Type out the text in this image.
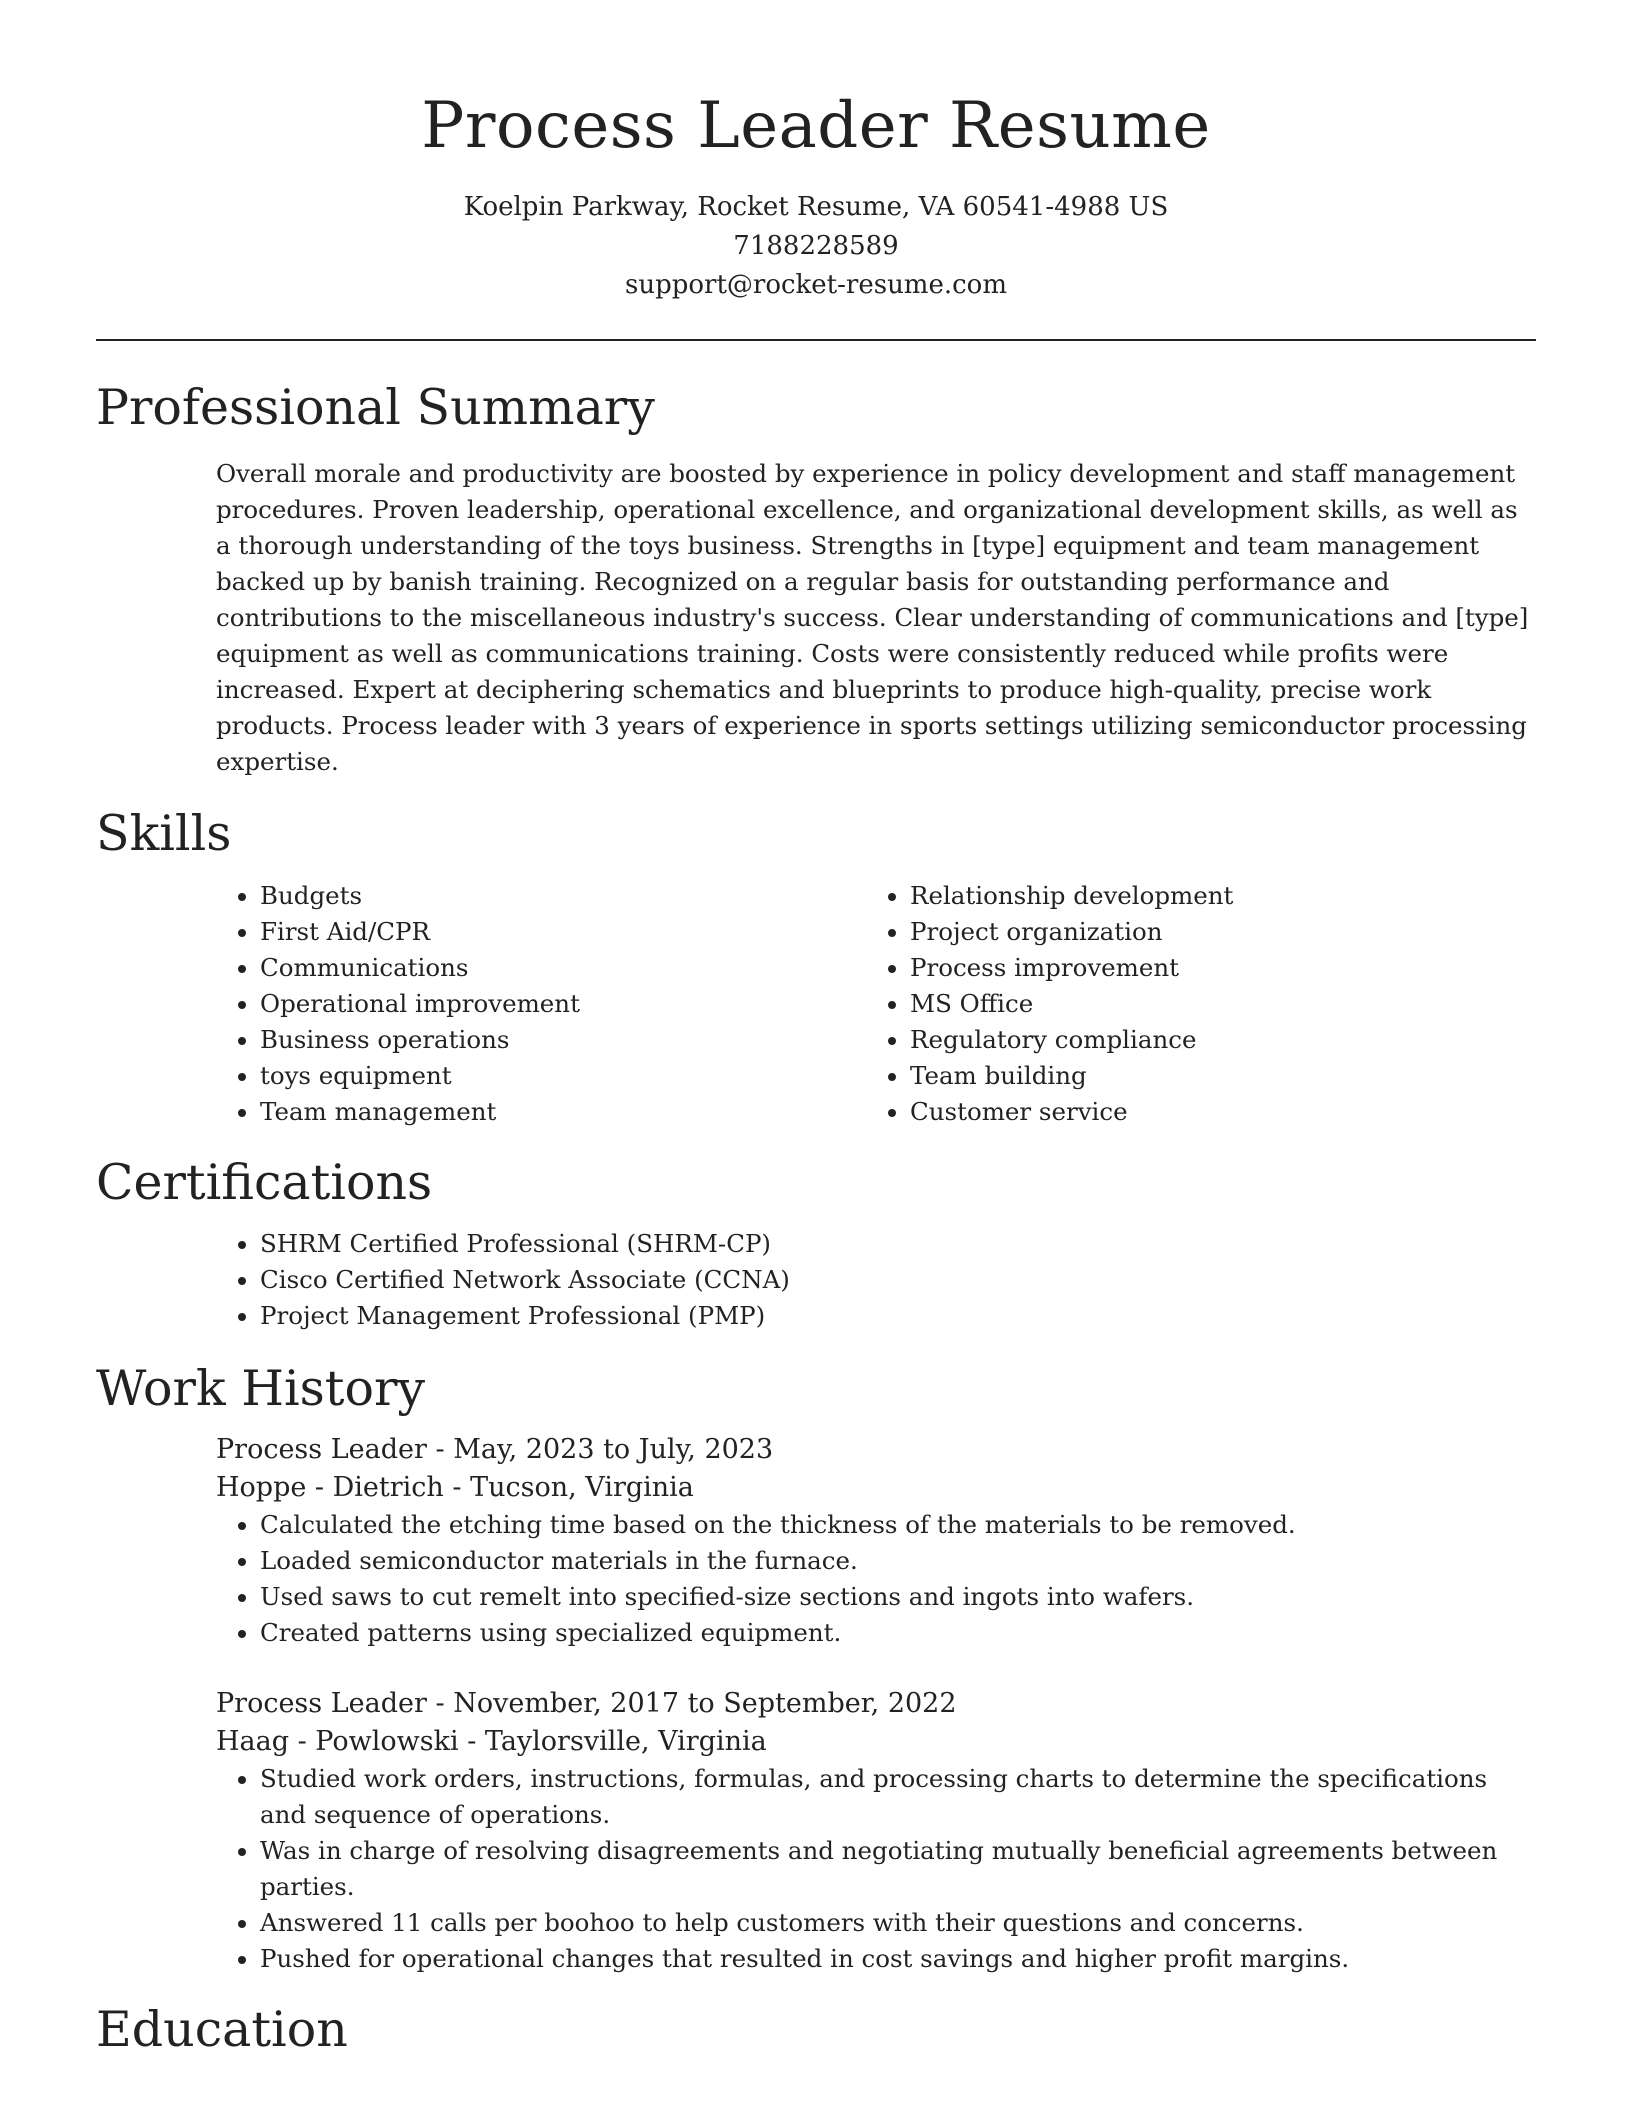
Process Leader Resume

Koelpin Parkway, Rocket Resume, VA 60541-4988 US

7188228589

support@rocket-resume.com

Professional Summary

Overall morale and productivity are boosted by experience in policy development and staff management procedures. Proven leadership, operational excellence, and organizational development skills, as well as a thorough understanding of the toys business. Strengths in [type] equipment and team management backed up by banish training. Recognized on a regular basis for outstanding performance and contributions to the miscellaneous industry's success. Clear understanding of communications and [type] equipment as well as communications training. Costs were consistently reduced while profits were increased. Expert at deciphering schematics and blueprints to produce high-quality, precise work products. Process leader with 3 years of experience in sports settings utilizing semiconductor processing expertise.

Skills
• Budgets
• First Aid/CPR
• Communications
• Operational improvement
• Business operations
• toys equipment
• Team management
• Relationship development
• Project organization
• Process improvement
• MS Office
• Regulatory compliance
• Team building
• Customer service
Certifications
• SHRM Certified Professional (SHRM-CP)
• Cisco Certified Network Associate (CCNA)
• Project Management Professional (PMP)
Work History

Process Leader - May, 2023 to July, 2023

Hoppe - Dietrich - Tucson, Virginia

• Calculated the etching time based on the thickness of the materials to be removed.
• Loaded semiconductor materials in the furnace.
• Used saws to cut remelt into specified-size sections and ingots into wafers.
• Created patterns using specialized equipment.

Process Leader - November, 2017 to September, 2022

Haag - Powlowski - Taylorsville, Virginia

• Studied work orders, instructions, formulas, and processing charts to determine the specifications and sequence of operations.
• Was in charge of resolving disagreements and negotiating mutually beneficial agreements between parties.
• Answered 11 calls per boohoo to help customers with their questions and concerns.
• Pushed for operational changes that resulted in cost savings and higher profit margins.
Education
